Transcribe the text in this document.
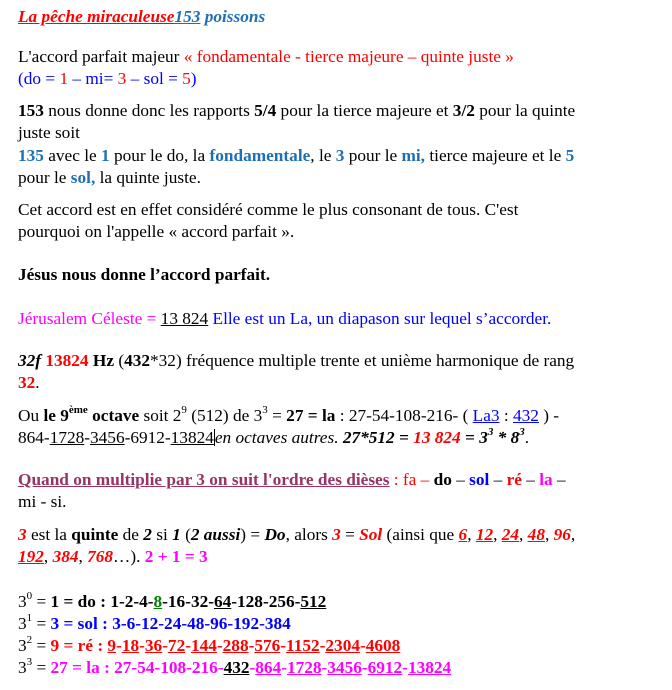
La pêche miraculeuse153 poissons
L'accord parfait majeur « fondamentale - tierce majeure – quinte juste »
(do = 1 – mi= 3 – sol = 5)
153 nous donne donc les rapports 5/4 pour la tierce majeure et 3/2 pour la quinte
juste soit
135 avec le 1 pour le do, la fondamentale, le 3 pour le mi, tierce majeure et le 5
pour le sol, la quinte juste.
Cet accord est en effet considéré comme le plus consonant de tous. C'est
pourquoi on l'appelle « accord parfait ».
Jésus nous donne l’accord parfait.
Jérusalem Céleste = 13 824 Elle est un La, un diapason sur lequel s’accorder.
32f 13824 Hz (432*32) fréquence multiple trente et unième harmonique de rang
32.
Ou le 9ème octave soit $2^9$ (512) de $3^3 = 27$ = la : 27-54-108-216- ( La3 : 432 ) -
864-1728-3456-6912-13824en octaves autres. 27*512 = 13 $824 = 3^3 * 8^3$.
Quand on multiplie par 3 on suit l'ordre des dièses : fa – do – sol – ré – la –
mi - si.
3 est la quinte de 2 si 1 (2 aussi) = Do, alors 3 = Sol (ainsi que 6, 12, 24, 48, 96,
192, 384, 768…). 2 + 1 = 3
$3^0 = 1$ = do : 1-2-4-8-16-32-64-128-256-512
$3^1 = 3$ = sol : 3-6-12-24-48-96-192-384
$3^2 = 9$ = ré : 9-18-36-72-144-288-576-1152-2304-4608
$3^3 = 27$ = la : 27-54-108-216-432-864-1728-3456-6912-13824
